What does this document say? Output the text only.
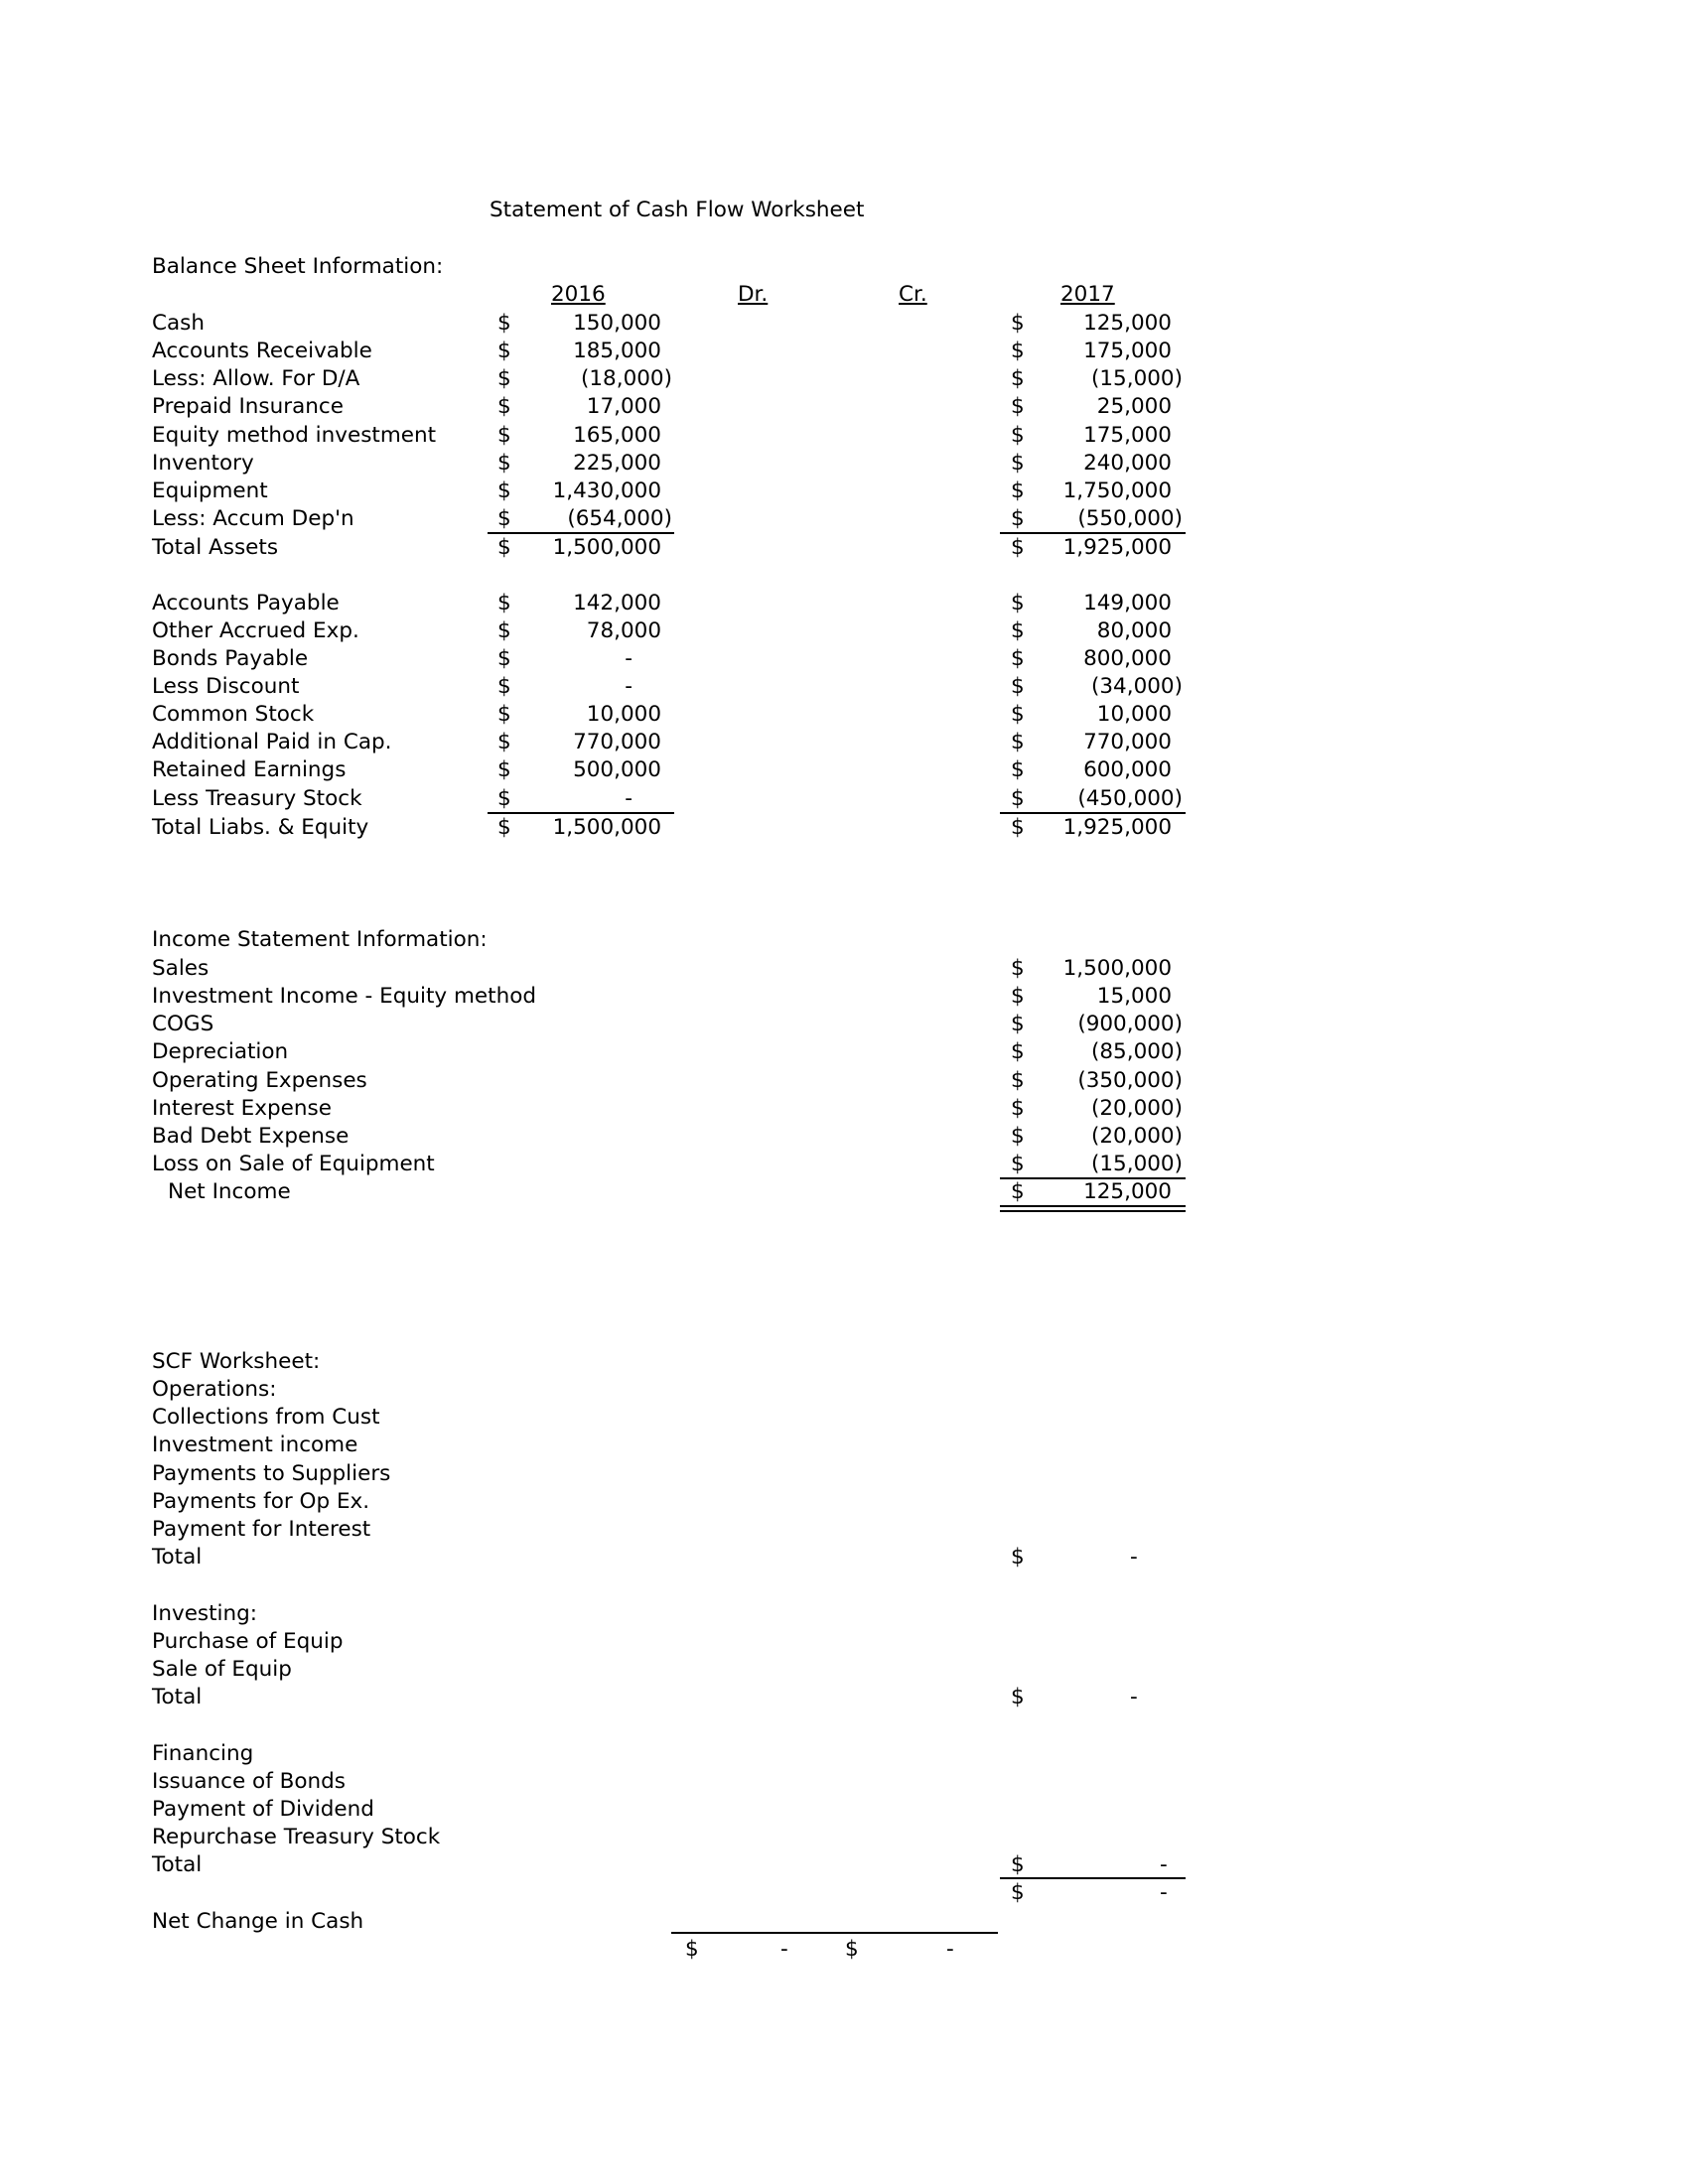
Statement of Cash Flow Worksheet
Balance Sheet Information:
2016	Dr.	Cr.	2017
Cash	$	150,000	$	125,000
Accounts Receivable	$	185,000	$	175,000
Less: Allow. For D/A	$	(18,000)	$	(15,000)
Prepaid Insurance	$	17,000	$	25,000
Equity method investment	$	165,000	$	175,000
Inventory	$	225,000	$	240,000
Equipment	$ 1,430,000	$ 1,750,000
Less: Accum Dep'n	$	(654,000)	$ (550,000)
Total Assets	$ 1,500,000	$ 1,925,000
Accounts Payable	$	142,000	$	149,000
Other Accrued Exp.	$	78,000	$	80,000
Bonds Payable	$	-	$	800,000
Less Discount	$	-	$	(34,000)
Common Stock	$	10,000	$	10,000
Additional Paid in Cap.	$	770,000	$	770,000
Retained Earnings	$	500,000	$	600,000
Less Treasury Stock	$	-	$ (450,000)
Total Liabs. & Equity	$ 1,500,000	$ 1,925,000
Income Statement Information:
Sales	$ 1,500,000
Investment Income - Equity method	$	15,000
COGS	$ (900,000)
Depreciation	$	(85,000)
Operating Expenses	$ (350,000)
Interest Expense	$	(20,000)
Bad Debt Expense	$	(20,000)
Loss on Sale of Equipment	$	(15,000)
Net Income	$	125,000
SCF Worksheet:
Operations:
Collections from Cust
Investment income
Payments to Suppliers
Payments for Op Ex.
Payment for Interest
Total	$	-
Investing:
Purchase of Equip
Sale of Equip
Total	$	-
Financing
Issuance of Bonds
Payment of Dividend
Repurchase Treasury Stock
Total	$	-
$	-
Net Change in Cash
$	-	$	-
